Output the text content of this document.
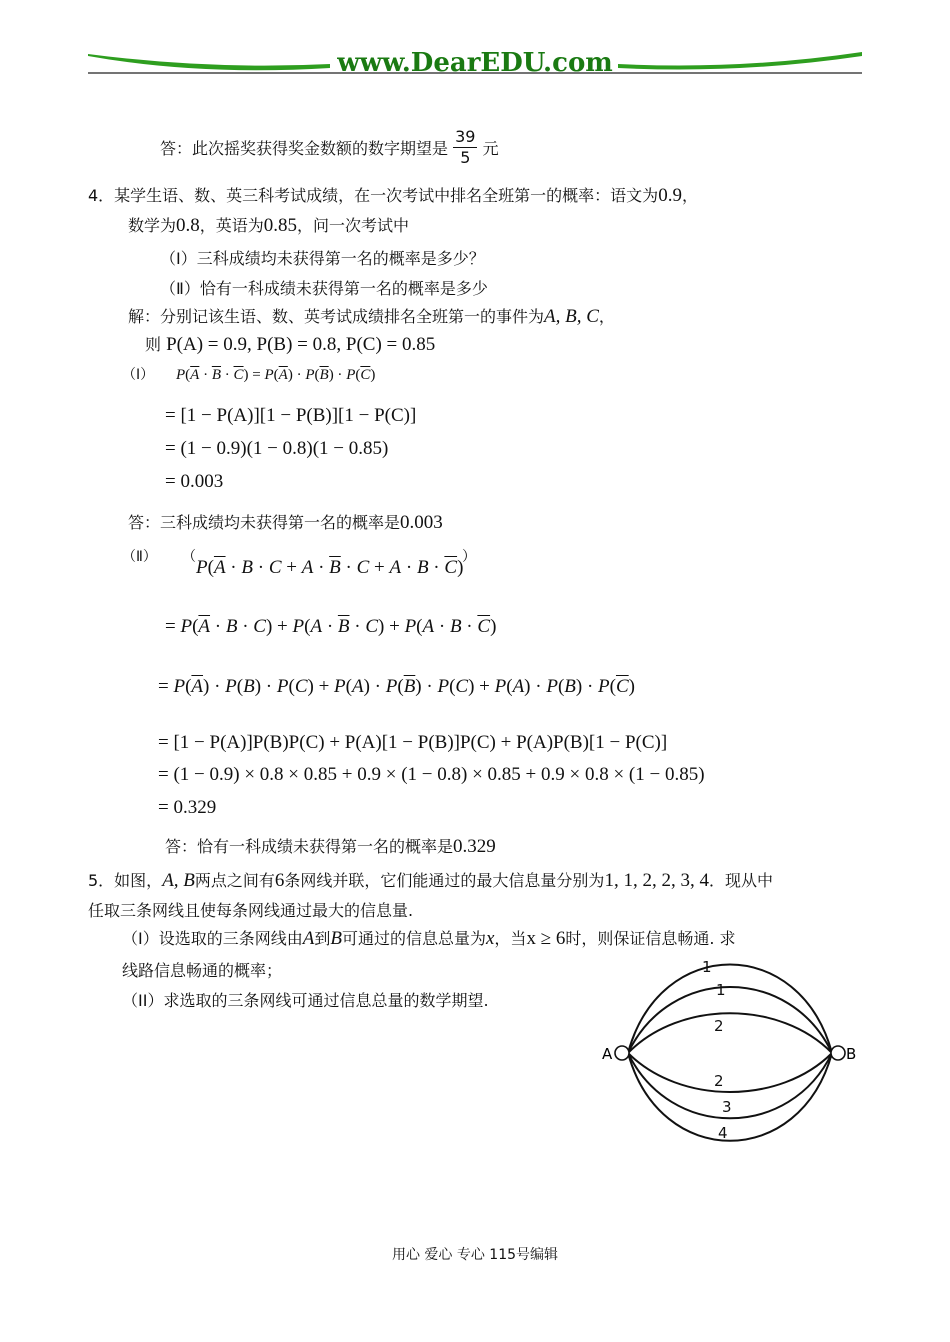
www.DearEDU.com
答：此次摇奖获得奖金数额的数字期望是 $\frac{39}{5}$ 元
4．某学生语、数、英三科考试成绩，在一次考试中排名全班第一的概率：语文为0.9，
数学为0.8，英语为0.85，问一次考试中
（Ⅰ）三科成绩均未获得第一名的概率是多少？
（Ⅱ）恰有一科成绩未获得第一名的概率是多少
解：分别记该生语、数、英考试成绩排名全班第一的事件为A, B, C，
则 P(A) = 0.9, P(B) = 0.8, P(C) = 0.85
（Ⅰ） $P(\overline{A} \cdot \overline{B} \cdot \overline{C}) = P(\overline{A}) \cdot P(\overline{B}) \cdot P(\overline{C})$
= [1 − P(A)][1 − P(B)][1 − P(C)]
= (1 − 0.9)(1 − 0.8)(1 − 0.85)
= 0.003
答：三科成绩均未获得第一名的概率是0.003
（Ⅱ） （ $P(\overline{A} \cdot B \cdot C + A \cdot \overline{B} \cdot C + A \cdot B \cdot \overline{C})$
）
= $P(\overline{A} \cdot B \cdot C) + P(A \cdot \overline{B} \cdot C) + P(A \cdot B \cdot \overline{C})$
= $P(\overline{A}) \cdot P(B) \cdot P(C) + P(A) \cdot P(\overline{B}) \cdot P(C) + P(A) \cdot P(B) \cdot P(\overline{C})$
= [1 − P(A)]P(B)P(C) + P(A)[1 − P(B)]P(C) + P(A)P(B)[1 − P(C)]
= (1 − 0.9) × 0.8 × 0.85 + 0.9 × (1 − 0.8) × 0.85 + 0.9 × 0.8 × (1 − 0.85)
= 0.329
答：恰有一科成绩未获得第一名的概率是0.329
5．如图，A, B两点之间有6条网线并联，它们能通过的最大信息量分别为1, 1, 2, 2, 3, 4．现从中
任取三条网线且使每条网线通过最大的信息量.
（I）设选取的三条网线由A到B可通过的信息总量为x，当x ≥ 6时，则保证信息畅通. 求
线路信息畅通的概率；
（II）求选取的三条网线可通过信息总量的数学期望.
A	B
1
1
2
2
3
4
用心 爱心 专心 115号编辑
